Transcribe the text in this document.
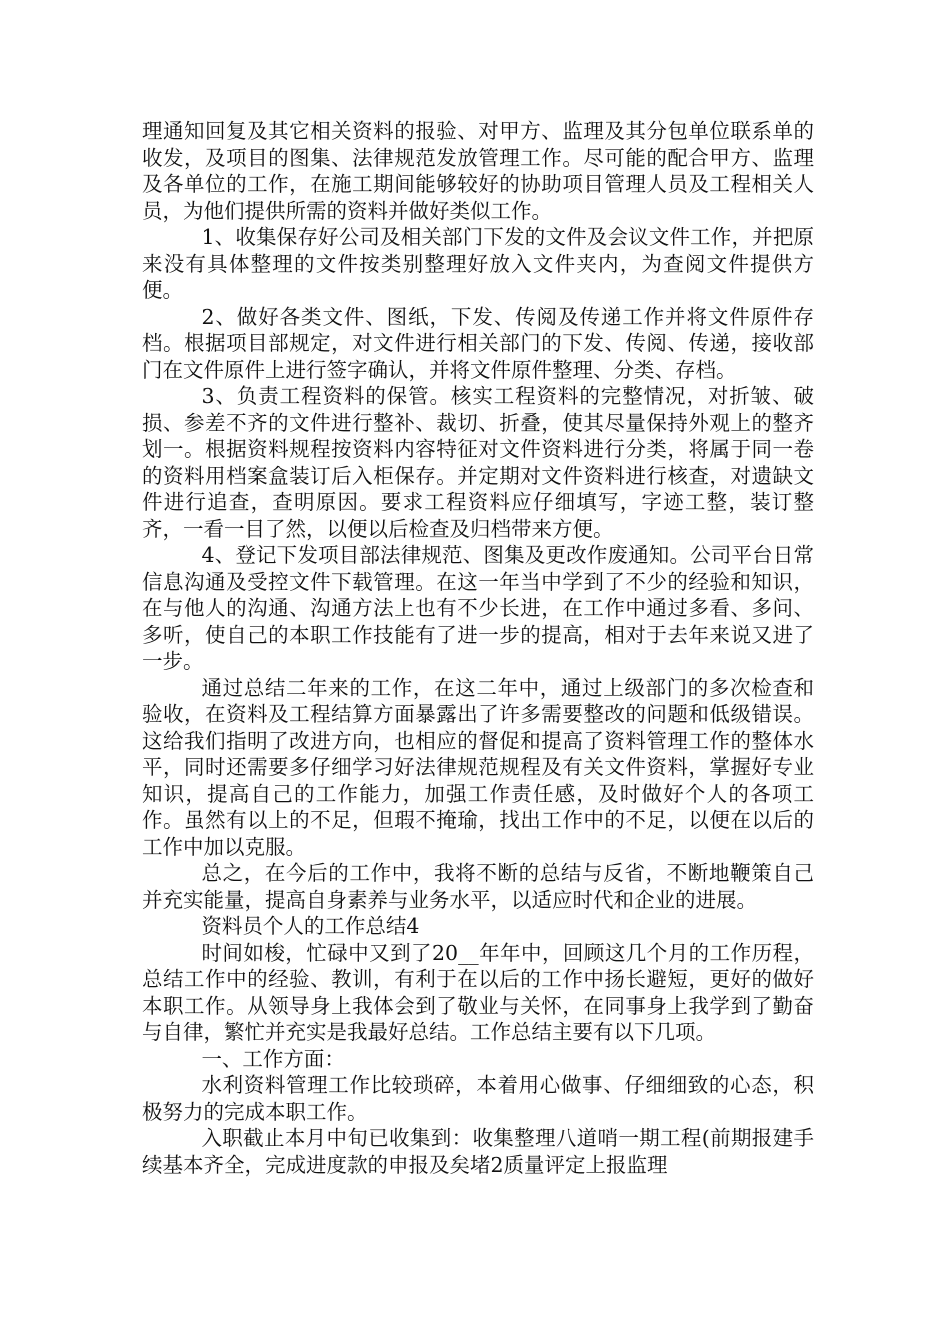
理通知回复及其它相关资料的报验、对甲方、监理及其分包单位联系单的收发，及项目的图集、法律规范发放管理工作。尽可能的配合甲方、监理及各单位的工作，在施工期间能够较好的协助项目管理人员及工程相关人员，为他们提供所需的资料并做好类似工作。

1、收集保存好公司及相关部门下发的文件及会议文件工作，并把原来没有具体整理的文件按类别整理好放入文件夹内，为查阅文件提供方便。

2、做好各类文件、图纸，下发、传阅及传递工作并将文件原件存档。根据项目部规定，对文件进行相关部门的下发、传阅、传递，接收部门在文件原件上进行签字确认，并将文件原件整理、分类、存档。

3、负责工程资料的保管。核实工程资料的完整情况，对折皱、破损、参差不齐的文件进行整补、裁切、折叠，使其尽量保持外观上的整齐划一。根据资料规程按资料内容特征对文件资料进行分类，将属于同一卷的资料用档案盒装订后入柜保存。并定期对文件资料进行核查，对遗缺文件进行追查，查明原因。要求工程资料应仔细填写，字迹工整，装订整齐，一看一目了然，以便以后检查及归档带来方便。

4、登记下发项目部法律规范、图集及更改作废通知。公司平台日常信息沟通及受控文件下载管理。在这一年当中学到了不少的经验和知识，在与他人的沟通、沟通方法上也有不少长进，在工作中通过多看、多问、多听，使自己的本职工作技能有了进一步的提高，相对于去年来说又进了一步。

通过总结二年来的工作，在这二年中，通过上级部门的多次检查和验收，在资料及工程结算方面暴露出了许多需要整改的问题和低级错误。这给我们指明了改进方向，也相应的督促和提高了资料管理工作的整体水平，同时还需要多仔细学习好法律规范规程及有关文件资料，掌握好专业知识，提高自己的工作能力，加强工作责任感，及时做好个人的各项工作。虽然有以上的不足，但瑕不掩瑜，找出工作中的不足，以便在以后的工作中加以克服。

总之，在今后的工作中，我将不断的总结与反省，不断地鞭策自己并充实能量，提高自身素养与业务水平，以适应时代和企业的进展。

资料员个人的工作总结4

时间如梭，忙碌中又到了20__年年中，回顾这几个月的工作历程，总结工作中的经验、教训，有利于在以后的工作中扬长避短，更好的做好本职工作。从领导身上我体会到了敬业与关怀，在同事身上我学到了勤奋与自律，繁忙并充实是我最好总结。工作总结主要有以下几项。

一、工作方面：

水利资料管理工作比较琐碎，本着用心做事、仔细细致的心态，积极努力的完成本职工作。

入职截止本月中旬已收集到：收集整理八道哨一期工程(前期报建手续基本齐全，完成进度款的申报及矣堵2质量评定上报监理
